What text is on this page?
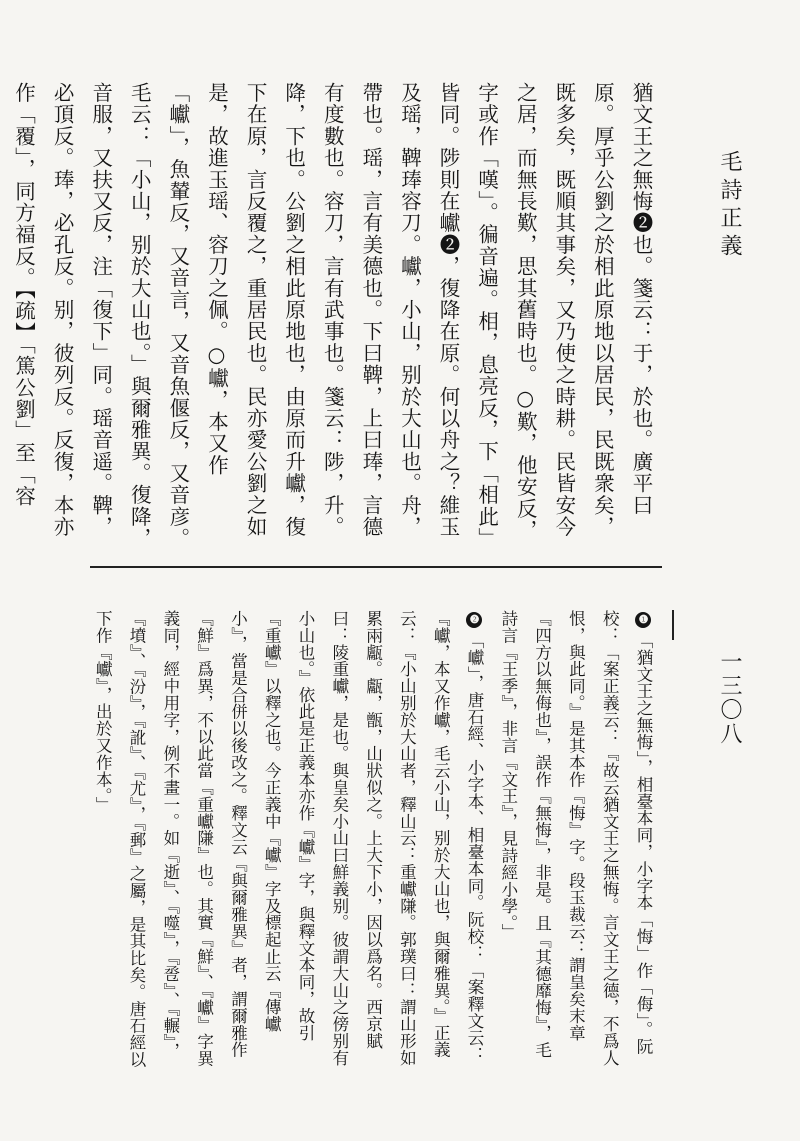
毛詩正義
一三〇八
猶文王之無悔❷也。箋云：于，於也。廣平曰原。厚乎公劉之於相此原地以居民，民既衆矣，既多矣，既順其事矣，又乃使之時耕。民皆安今之居，而無長歎，思其舊時也。○歎，他安反，字或作「嘆」。徧音遍。相，息亮反，下「相此」皆同。陟則在巘❷，復降在原。何以舟之？維玉及瑶，鞞琫容刀。巘，小山，别於大山也。舟，帶也。瑶，言有美德也。下曰鞞，上曰琫，言德有度數也。容刀，言有武事也。箋云：陟，升。降，下也。公劉之相此原地也，由原而升巘，復下在原，言反覆之，重居民也。民亦愛公劉之如是，故進玉瑶、容刀之佩。○巘，本又作「巘」，魚輦反，又音言，又音魚偃反，又音彦。毛云：「小山，别於大山也。」與爾雅異。復降，音服，又扶又反，注「復下」同。瑶音遥。鞞，必頂反。琫，必孔反。别，彼列反。反復，本亦作「覆」，同方福反。【疏】「篤公劉」至「容
❶「猶文王之無悔」，相臺本同，小字本「悔」作「侮」。阮校：「案正義云：『故云猶文王之無悔。言文王之德，不爲人恨，與此同。』是其本作『悔』字。段玉裁云：謂皇矣末章『四方以無侮也』，誤作『無悔』，非是。且『其德靡悔』，毛詩言『王季』，非言『文王』，見詩經小學。」
❷「巘」，唐石經、小字本、相臺本同。阮校：「案釋文云：『巘，本又作巘，毛云小山，别於大山也，與爾雅異。』正義云：『小山别於大山者，釋山云：重巘隒。郭璞曰：謂山形如累兩甗。甗，甑，山狀似之。上大下小，因以爲名。西京賦曰：陵重巘，是也。與皇矣小山曰鮮義别。彼謂大山之傍别有小山也。』依此是正義本亦作『巘』字，與釋文本同，故引『重巘』以釋之也。今正義中『巘』字及標起止云『傳巘小』，當是合併以後改之。釋文云『與爾雅異』者，謂爾雅作『鮮』爲異，不以此當『重巘隒』也。其實『鮮』、『巘』字異義同，經中用字，例不畫一。如『逝』、『噬』，『卺』、『輾』，『墳』、『汾』，『訛』、『尤』，『郵』之屬，是其比矣。唐石經以下作『巘』，出於又作本。」
